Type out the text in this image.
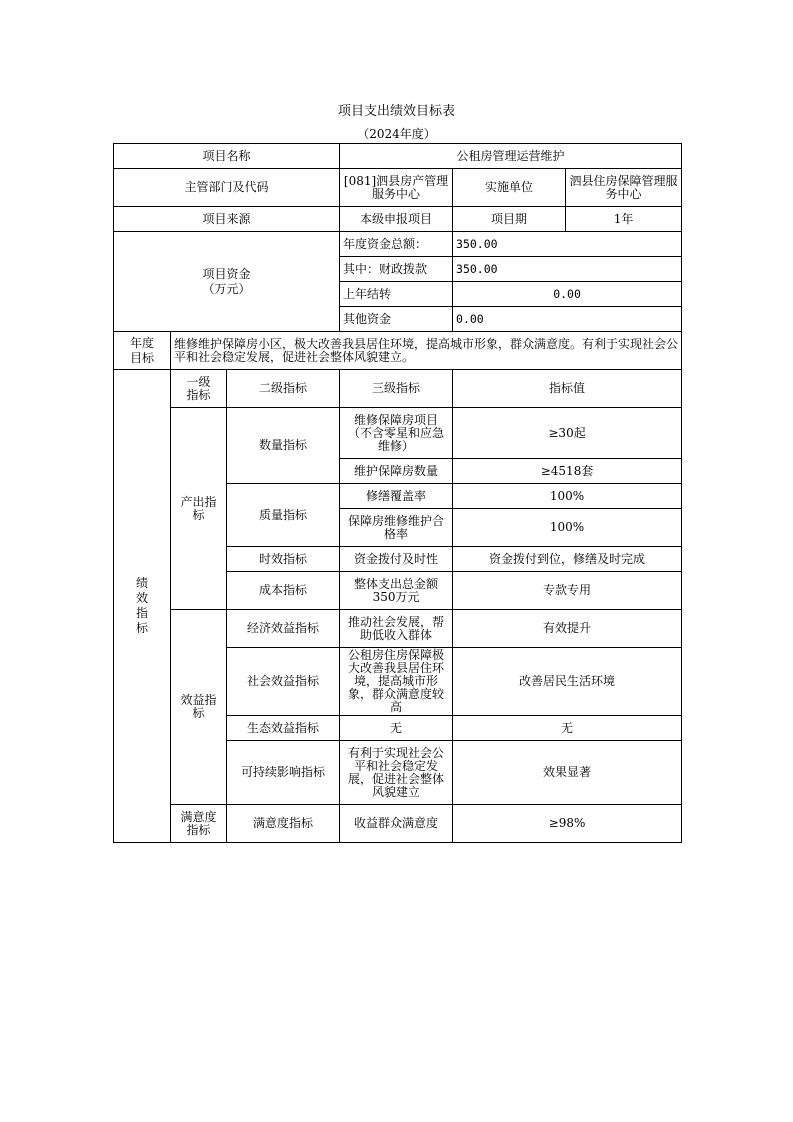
项目支出绩效目标表
（2024年度）
项目名称			公租房管理运营维护		
主管部门及代码			[081]泗县房产管理服务中心	实施单位	泗县住房保障管理服务中心
项目来源			本级申报项目	项目期	1年

项目资金（万元）			年度资金总额：	350.00	
			其中：财政拨款	350.00	
			上年结转	0.00	
			其他资金	0.00	

年度目标	维修维护保障房小区，极大改善我县居住环境，提高城市形象，群众满意度。有利于实现社会公平和社会稳定发展，促进社会整体风貌建立。				
绩效指标	一级指标	二级指标	三级指标	指标值	

	产出指标	数量指标	维修保障房项目（不含零星和应急维修）	≥30起	
			维护保障房数量	≥4518套	
		质量指标	修缮覆盖率	100%	
			保障房维修维护合格率	100%	
		时效指标	资金拨付及时性	资金拨付到位，修缮及时完成	
		成本指标	整体支出总金额350万元	专款专用	

	效益指标	经济效益指标	推动社会发展，帮助低收入群体	有效提升	
		社会效益指标	公租房住房保障极大改善我县居住环境，提高城市形象，群众满意度较高	改善居民生活环境	
		生态效益指标	无	无	
		可持续影响指标	有利于实现社会公平和社会稳定发展，促进社会整体风貌建立	效果显著	

	满意度指标	满意度指标	收益群众满意度	≥98%	
